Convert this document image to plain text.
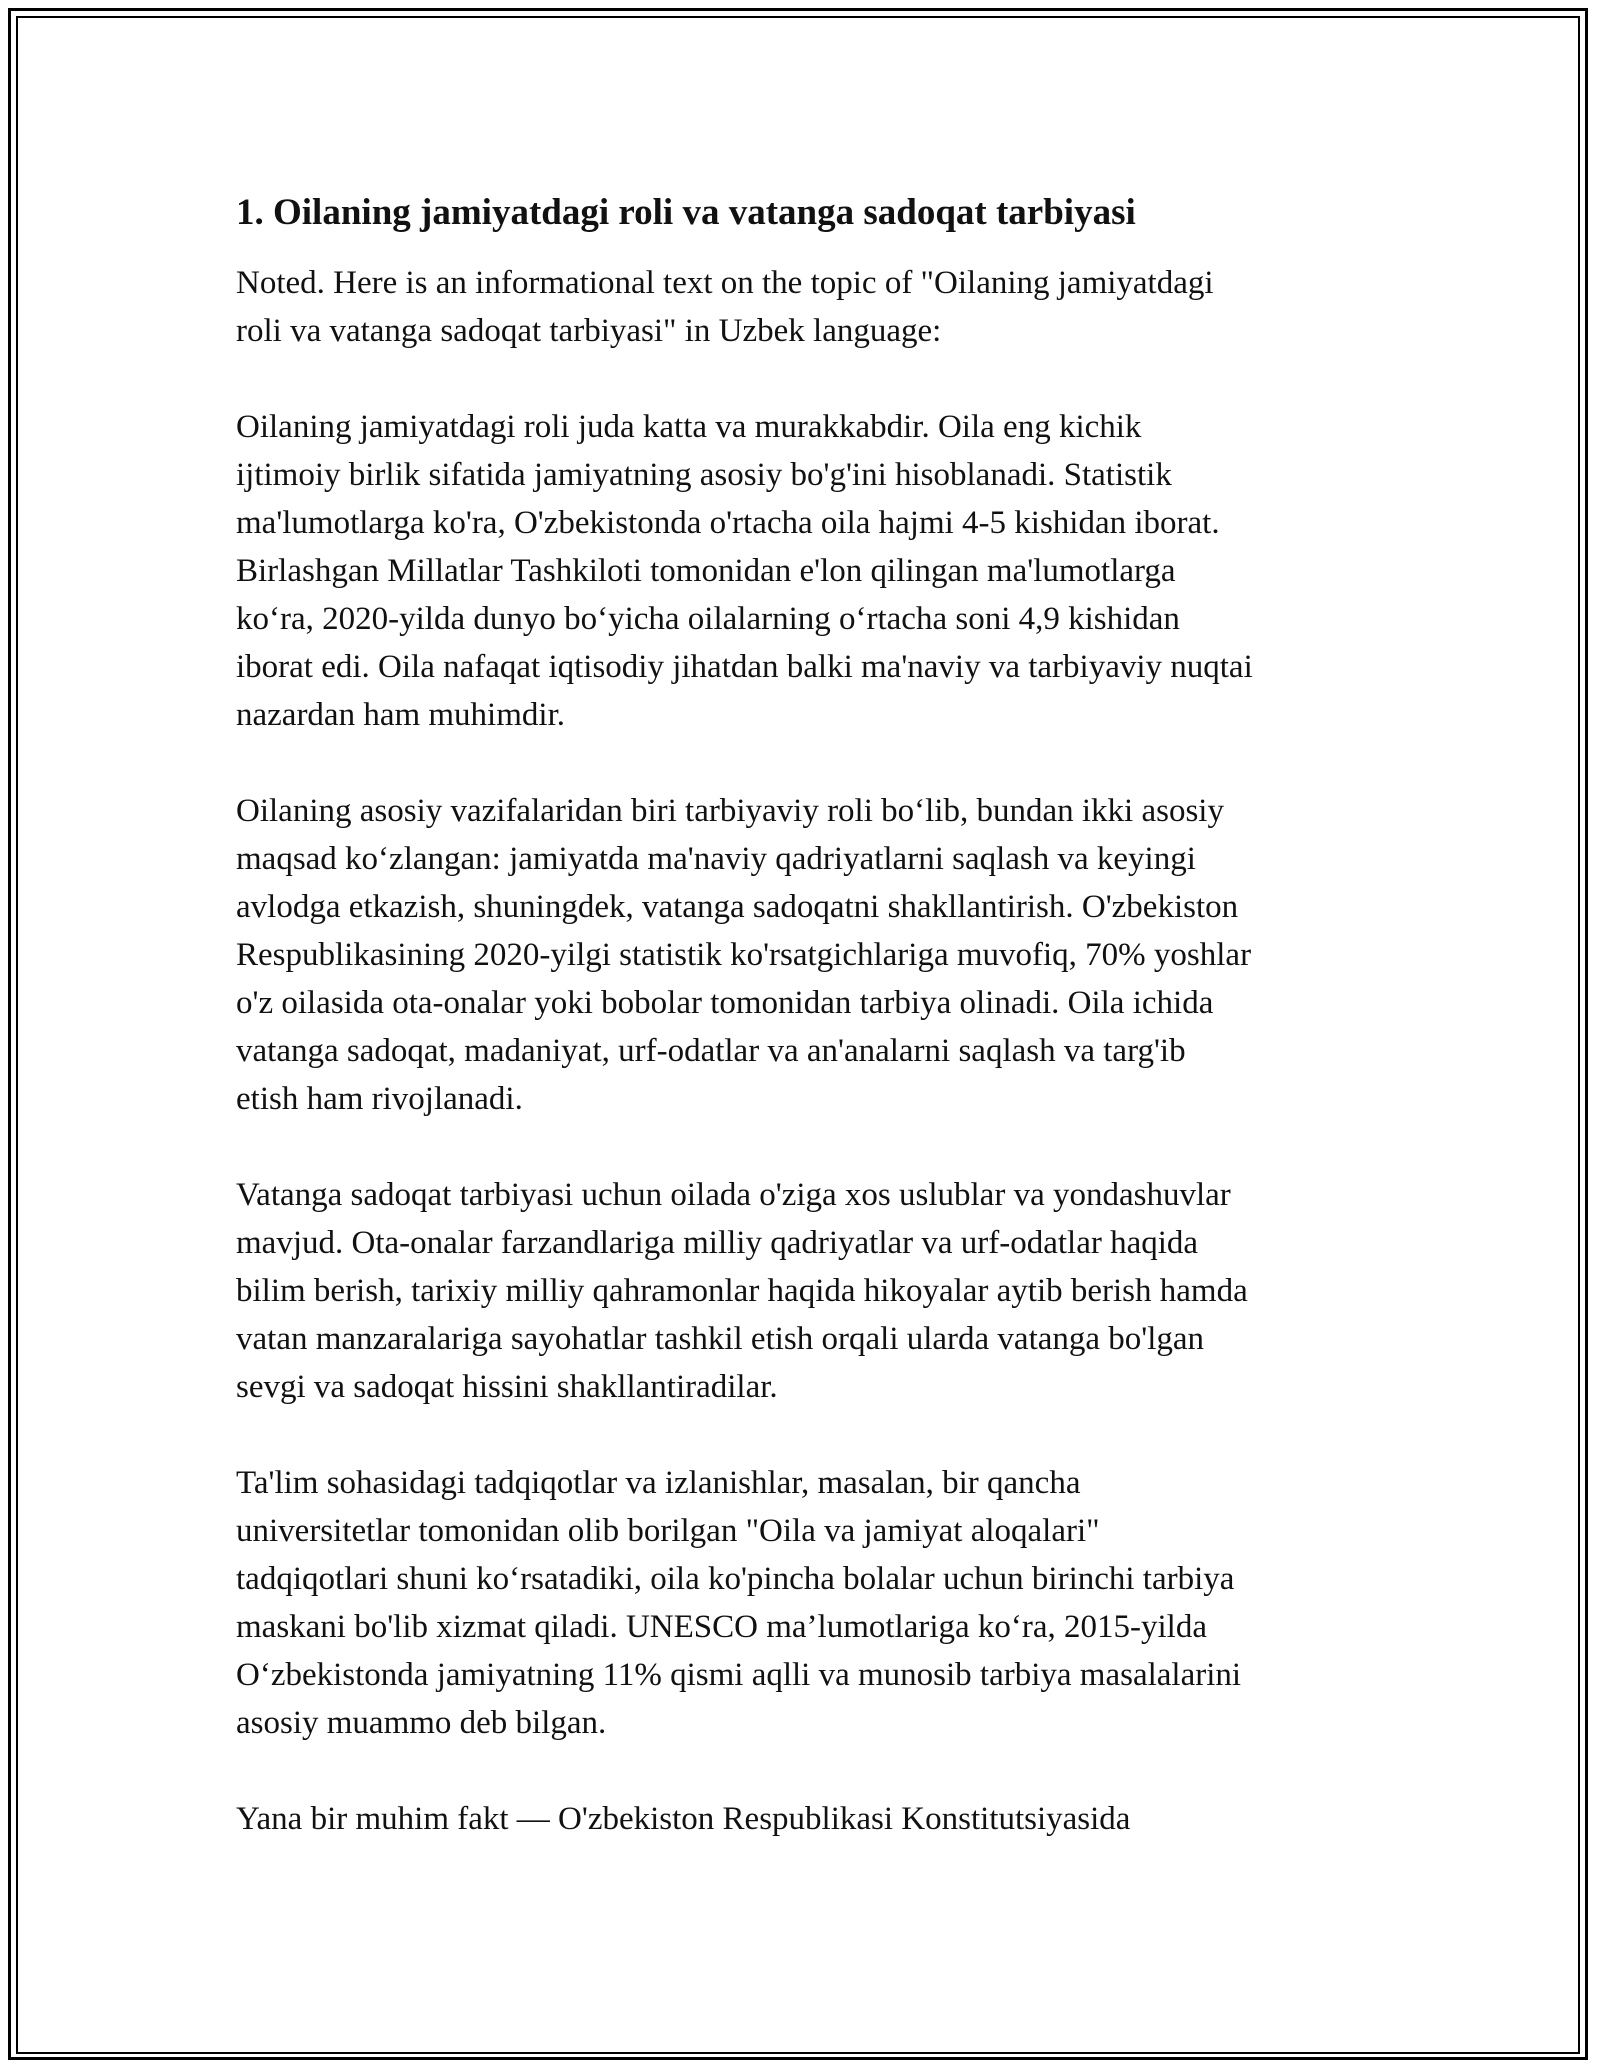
1. Oilaning jamiyatdagi roli va vatanga sadoqat tarbiyasi
Noted. Here is an informational text on the topic of "Oilaning jamiyatdagi
roli va vatanga sadoqat tarbiyasi" in Uzbek language:
Oilaning jamiyatdagi roli juda katta va murakkabdir. Oila eng kichik
ijtimoiy birlik sifatida jamiyatning asosiy bo'g'ini hisoblanadi. Statistik
ma'lumotlarga ko'ra, O'zbekistonda o'rtacha oila hajmi 4-5 kishidan iborat.
Birlashgan Millatlar Tashkiloti tomonidan e'lon qilingan ma'lumotlarga
ko‘ra, 2020-yilda dunyo bo‘yicha oilalarning o‘rtacha soni 4,9 kishidan
iborat edi. Oila nafaqat iqtisodiy jihatdan balki ma'naviy va tarbiyaviy nuqtai
nazardan ham muhimdir.
Oilaning asosiy vazifalaridan biri tarbiyaviy roli bo‘lib, bundan ikki asosiy
maqsad ko‘zlangan: jamiyatda ma'naviy qadriyatlarni saqlash va keyingi
avlodga etkazish, shuningdek, vatanga sadoqatni shakllantirish. O'zbekiston
Respublikasining 2020-yilgi statistik ko'rsatgichlariga muvofiq, 70% yoshlar
o'z oilasida ota-onalar yoki bobolar tomonidan tarbiya olinadi. Oila ichida
vatanga sadoqat, madaniyat, urf-odatlar va an'analarni saqlash va targ'ib
etish ham rivojlanadi.
Vatanga sadoqat tarbiyasi uchun oilada o'ziga xos uslublar va yondashuvlar
mavjud. Ota-onalar farzandlariga milliy qadriyatlar va urf-odatlar haqida
bilim berish, tarixiy milliy qahramonlar haqida hikoyalar aytib berish hamda
vatan manzaralariga sayohatlar tashkil etish orqali ularda vatanga bo'lgan
sevgi va sadoqat hissini shakllantiradilar.
Ta'lim sohasidagi tadqiqotlar va izlanishlar, masalan, bir qancha
universitetlar tomonidan olib borilgan "Oila va jamiyat aloqalari"
tadqiqotlari shuni ko‘rsatadiki, oila ko'pincha bolalar uchun birinchi tarbiya
maskani bo'lib xizmat qiladi. UNESCO ma’lumotlariga ko‘ra, 2015-yilda
O‘zbekistonda jamiyatning 11% qismi aqlli va munosib tarbiya masalalarini
asosiy muammo deb bilgan.
Yana bir muhim fakt — O'zbekiston Respublikasi Konstitutsiyasida
